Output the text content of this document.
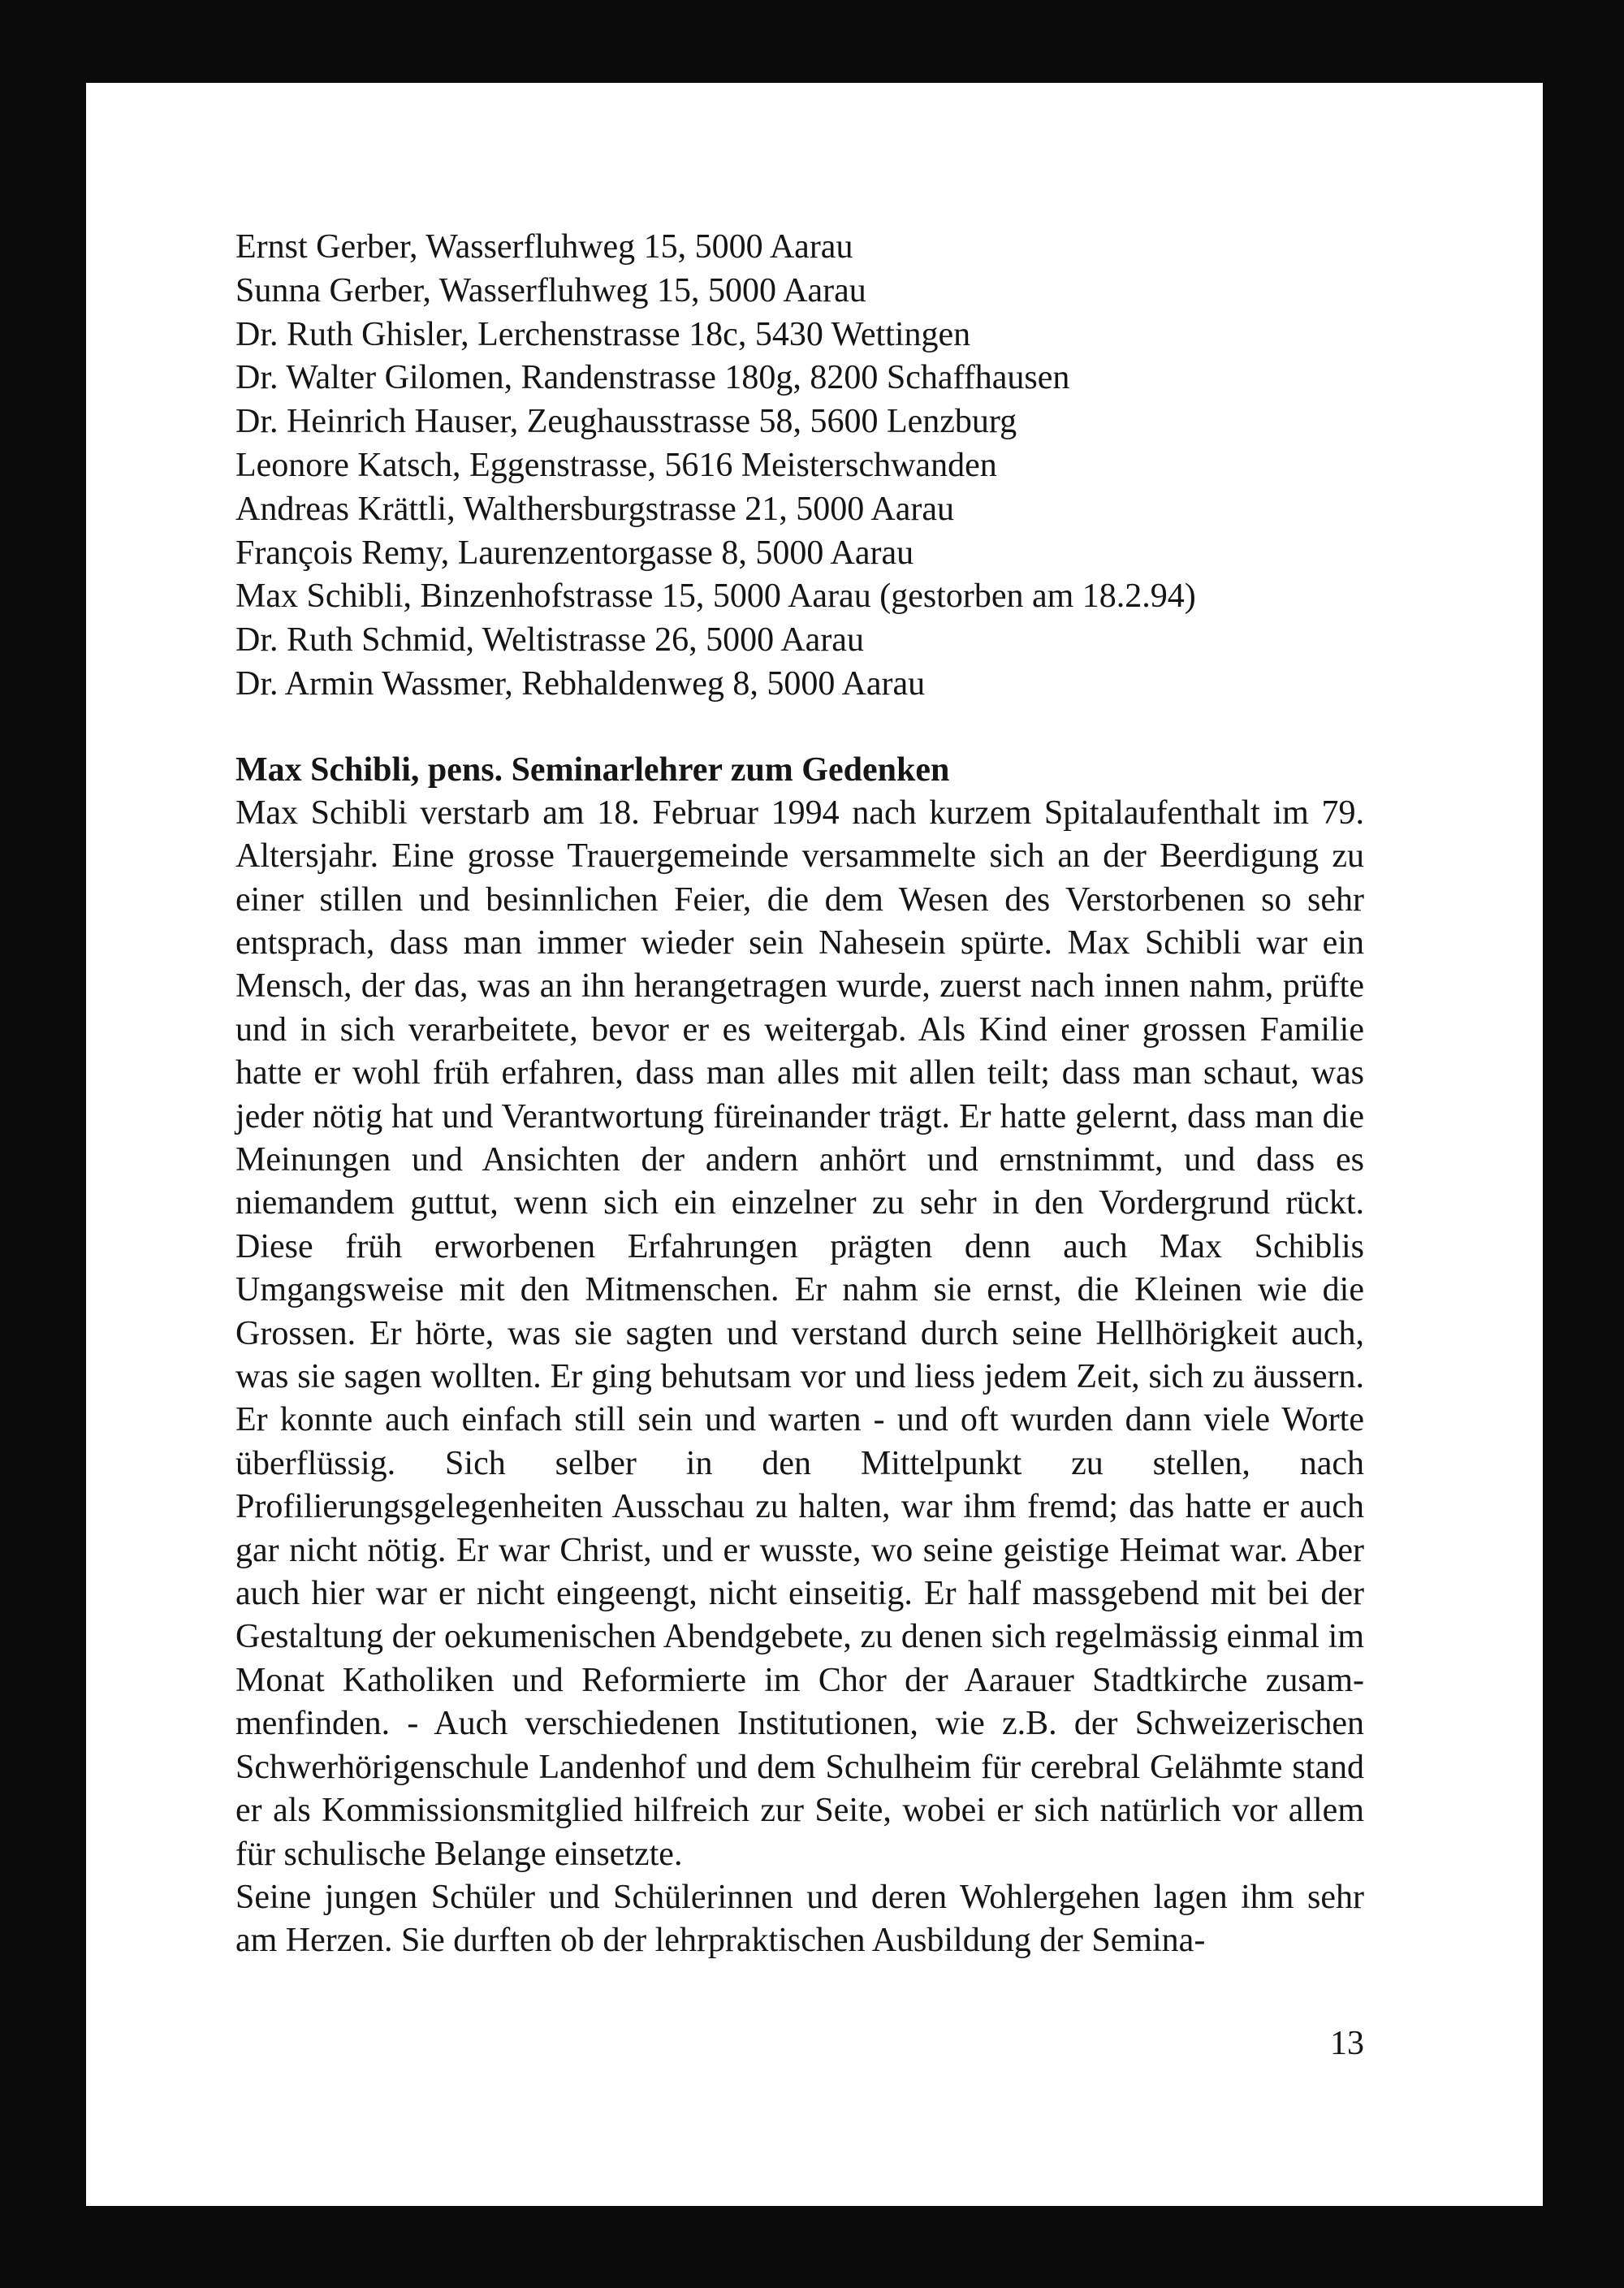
Ernst Gerber, Wasserfluhweg 15, 5000 Aarau
Sunna Gerber, Wasserfluhweg 15, 5000 Aarau
Dr. Ruth Ghisler, Lerchenstrasse 18c, 5430 Wettingen
Dr. Walter Gilomen, Randenstrasse 180g, 8200 Schaffhausen
Dr. Heinrich Hauser, Zeughausstrasse 58, 5600 Lenzburg
Leonore Katsch, Eggenstrasse, 5616 Meisterschwanden
Andreas Krättli, Walthersburgstrasse 21, 5000 Aarau
François Remy, Laurenzentorgasse 8, 5000 Aarau
Max Schibli, Binzenhofstrasse 15, 5000 Aarau (gestorben am 18.2.94)
Dr. Ruth Schmid, Weltistrasse 26, 5000 Aarau
Dr. Armin Wassmer, Rebhaldenweg 8, 5000 Aarau
Max Schibli, pens. Seminarlehrer zum Gedenken

Max Schibli verstarb am 18. Februar 1994 nach kurzem Spitalaufenthalt im 79. Altersjahr. Eine grosse Trauergemeinde versammelte sich an der Beerdigung zu einer stillen und besinnlichen Feier, die dem Wesen des Verstorbenen so sehr entsprach, dass man immer wieder sein Nahesein spürte. Max Schibli war ein Mensch, der das, was an ihn herangetragen wurde, zuerst nach innen nahm, prüfte und in sich verarbeitete, bevor er es weitergab. Als Kind einer grossen Familie hatte er wohl früh erfahren, dass man alles mit allen teilt; dass man schaut, was jeder nötig hat und Verantwortung füreinander trägt. Er hatte gelernt, dass man die Meinungen und Ansichten der andern anhört und ernstnimmt, und dass es niemandem guttut, wenn sich ein einzelner zu sehr in den Vordergrund rückt. Diese früh erworbenen Erfahrungen prägten denn auch Max Schiblis Umgangsweise mit den Mitmenschen. Er nahm sie ernst, die Kleinen wie die Grossen. Er hörte, was sie sagten und verstand durch seine Hellhörigkeit auch, was sie sagen wollten. Er ging behutsam vor und liess jedem Zeit, sich zu äussern. Er konnte auch einfach still sein und warten - und oft wurden dann viele Worte überflüssig. Sich selber in den Mittelpunkt zu stellen, nach Profilierungsgelegenheiten Ausschau zu halten, war ihm fremd; das hatte er auch gar nicht nötig. Er war Christ, und er wusste, wo seine geistige Heimat war. Aber auch hier war er nicht eingeengt, nicht einseitig. Er half massgebend mit bei der Gestaltung der oekumenischen Abendgebete, zu denen sich regelmässig einmal im Monat Katholiken und Reformierte im Chor der Aarauer Stadtkirche zusammenfinden. - Auch verschiedenen Institutionen, wie z.B. der Schweizerischen Schwerhörigenschule Landenhof und dem Schulheim für cerebral Gelähmte stand er als Kommissionsmitglied hilfreich zur Seite, wobei er sich natürlich vor allem für schulische Belange einsetzte.

Seine jungen Schüler und Schülerinnen und deren Wohlergehen lagen ihm sehr am Herzen. Sie durften ob der lehrpraktischen Ausbildung der Semina-

13
